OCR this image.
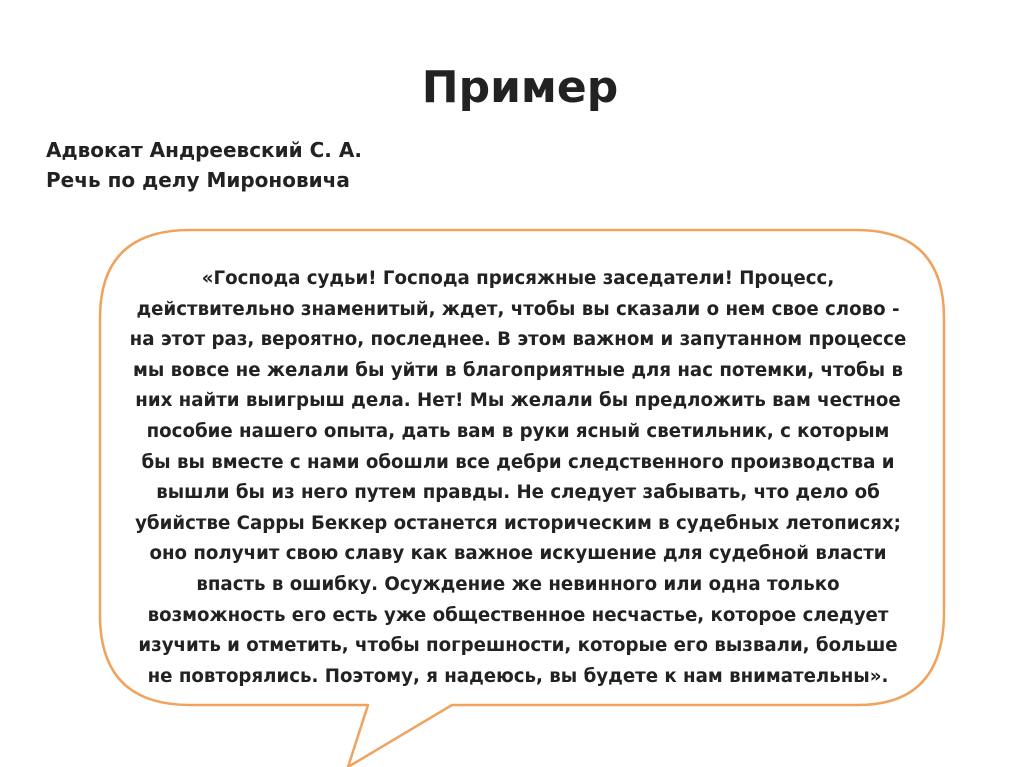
Пример
Адвокат Андреевский С. А.
Речь по делу Мироновича
«Господа судьи! Господа присяжные заседатели! Процесс,
действительно знаменитый, ждет, чтобы вы сказали о нем свое слово -
на этот раз, вероятно, последнее. В этом важном и запутанном процессе
мы вовсе не желали бы уйти в благоприятные для нас потемки, чтобы в
них найти выигрыш дела. Нет! Мы желали бы предложить вам честное
пособие нашего опыта, дать вам в руки ясный светильник, с которым
бы вы вместе с нами обошли все дебри следственного производства и
вышли бы из него путем правды. Не следует забывать, что дело об
убийстве Сарры Беккер останется историческим в судебных летописях;
оно получит свою славу как важное искушение для судебной власти
впасть в ошибку. Осуждение же невинного или одна только
возможность его есть уже общественное несчастье, которое следует
изучить и отметить, чтобы погрешности, которые его вызвали, больше
не повторялись. Поэтому, я надеюсь, вы будете к нам внимательны».
